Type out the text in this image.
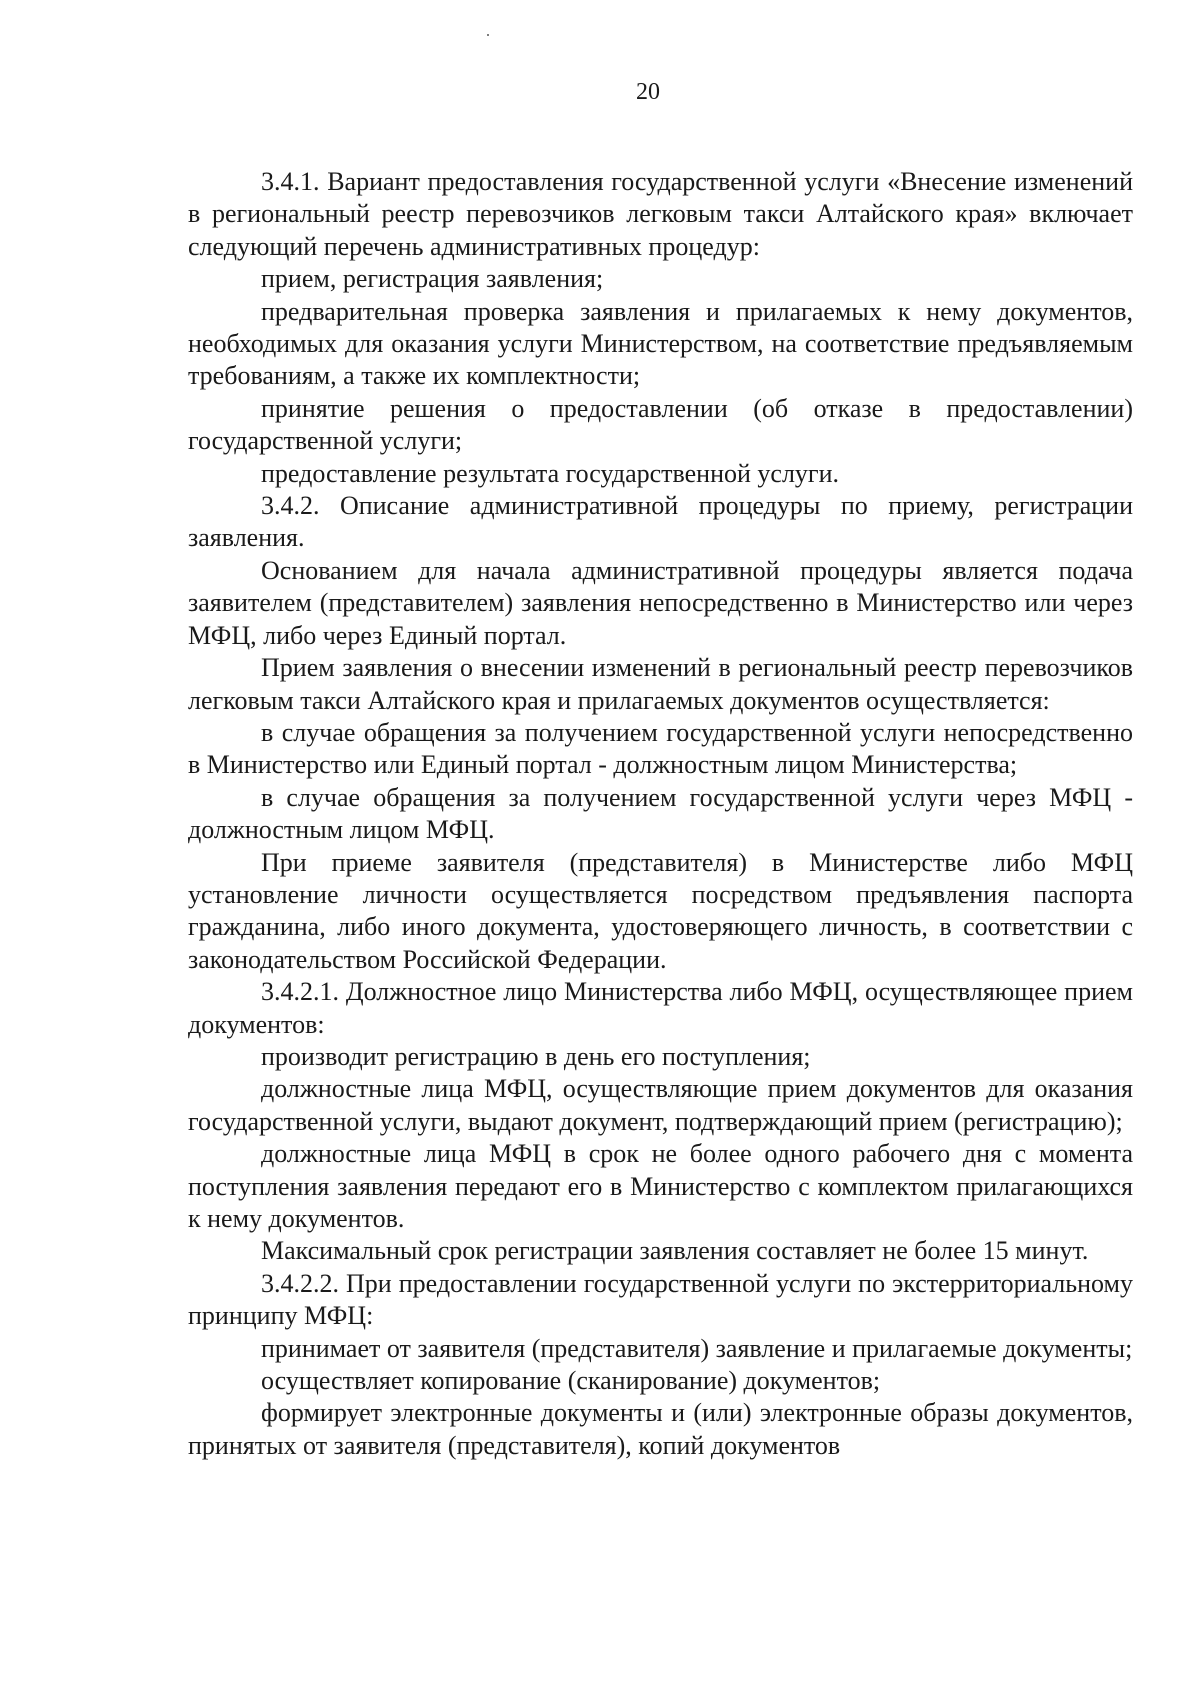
20

3.4.1. Вариант предоставления государственной услуги «Внесение изменений в региональный реестр перевозчиков легковым такси Алтайского края» включает следующий перечень административных процедур:

прием, регистрация заявления;

предварительная проверка заявления и прилагаемых к нему документов, необходимых для оказания услуги Министерством, на соответствие предъявляемым требованиям, а также их комплектности;

принятие решения о предоставлении (об отказе в предоставлении) государственной услуги;

предоставление результата государственной услуги.

3.4.2. Описание административной процедуры по приему, регистрации заявления.

Основанием для начала административной процедуры является подача заявителем (представителем) заявления непосредственно в Министерство или через МФЦ, либо через Единый портал.

Прием заявления о внесении изменений в региональный реестр перевозчиков легковым такси Алтайского края и прилагаемых документов осуществляется:

в случае обращения за получением государственной услуги непосредственно в Министерство или Единый портал - должностным лицом Министерства;

в случае обращения за получением государственной услуги через МФЦ - должностным лицом МФЦ.

При приеме заявителя (представителя) в Министерстве либо МФЦ установление личности осуществляется посредством предъявления паспорта гражданина, либо иного документа, удостоверяющего личность, в соответствии с законодательством Российской Федерации.

3.4.2.1. Должностное лицо Министерства либо МФЦ, осуществляющее прием документов:

производит регистрацию в день его поступления;

должностные лица МФЦ, осуществляющие прием документов для оказания государственной услуги, выдают документ, подтверждающий прием (регистрацию);

должностные лица МФЦ в срок не более одного рабочего дня с момента поступления заявления передают его в Министерство с комплектом прилагающихся к нему документов.

Максимальный срок регистрации заявления составляет не более 15 минут.

3.4.2.2. При предоставлении государственной услуги по экстерриториальному принципу МФЦ:

принимает от заявителя (представителя) заявление и прилагаемые документы;

осуществляет копирование (сканирование) документов;

формирует электронные документы и (или) электронные образы документов, принятых от заявителя (представителя), копий документов
